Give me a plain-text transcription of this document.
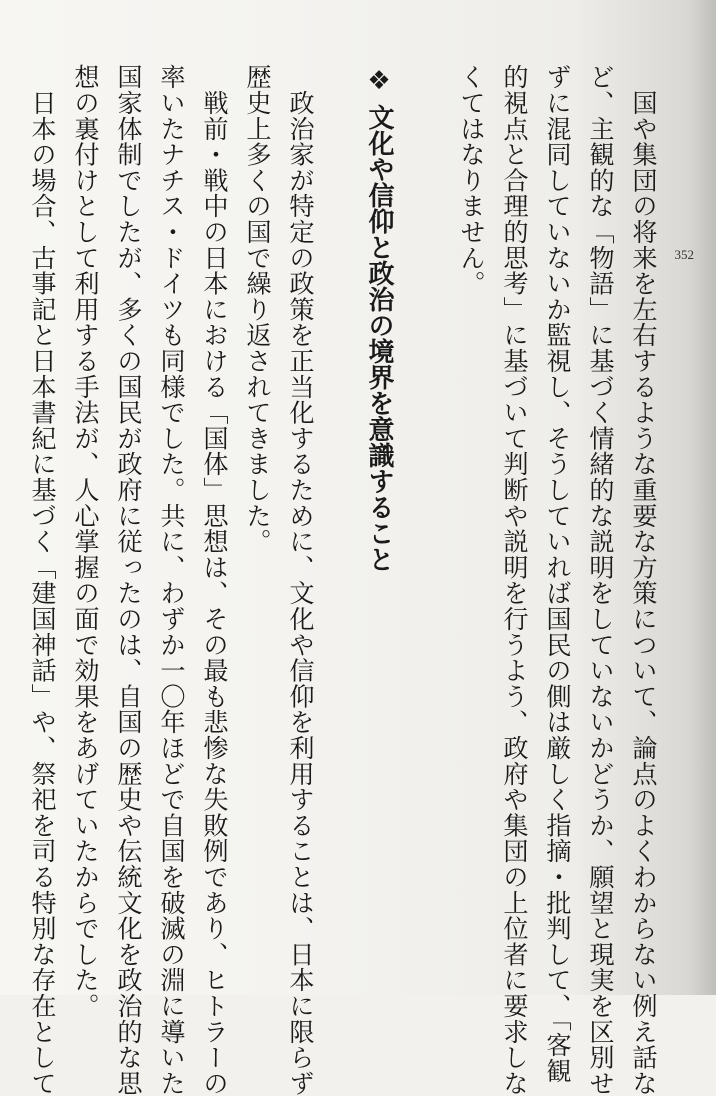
352
　国や集団の将来を左右するような重要な方策について、論点のよくわからない例え話な
ど、主観的な「物語」に基づく情緒的な説明をしていないかどうか、願望と現実を区別せ
ずに混同していないか監視し、そうしていれば国民の側は厳しく指摘・批判して、「客観
的視点と合理的思考」に基づいて判断や説明を行うよう、政府や集団の上位者に要求しな
くてはなりません。
❖文化や信仰と政治の境界を意識すること
　政治家が特定の政策を正当化するために、文化や信仰を利用することは、日本に限らず
歴史上多くの国で繰り返されてきました。
　戦前・戦中の日本における「国体」思想は、その最も悲惨な失敗例であり、ヒトラーの
率いたナチス・ドイツも同様でした。共に、わずか一〇年ほどで自国を破滅の淵に導いた
国家体制でしたが、多くの国民が政府に従ったのは、自国の歴史や伝統文化を政治的な思
想の裏付けとして利用する手法が、人心掌握の面で効果をあげていたからでした。
　日本の場合、古事記と日本書紀に基づく「建国神話」や、祭祀を司る特別な存在として
